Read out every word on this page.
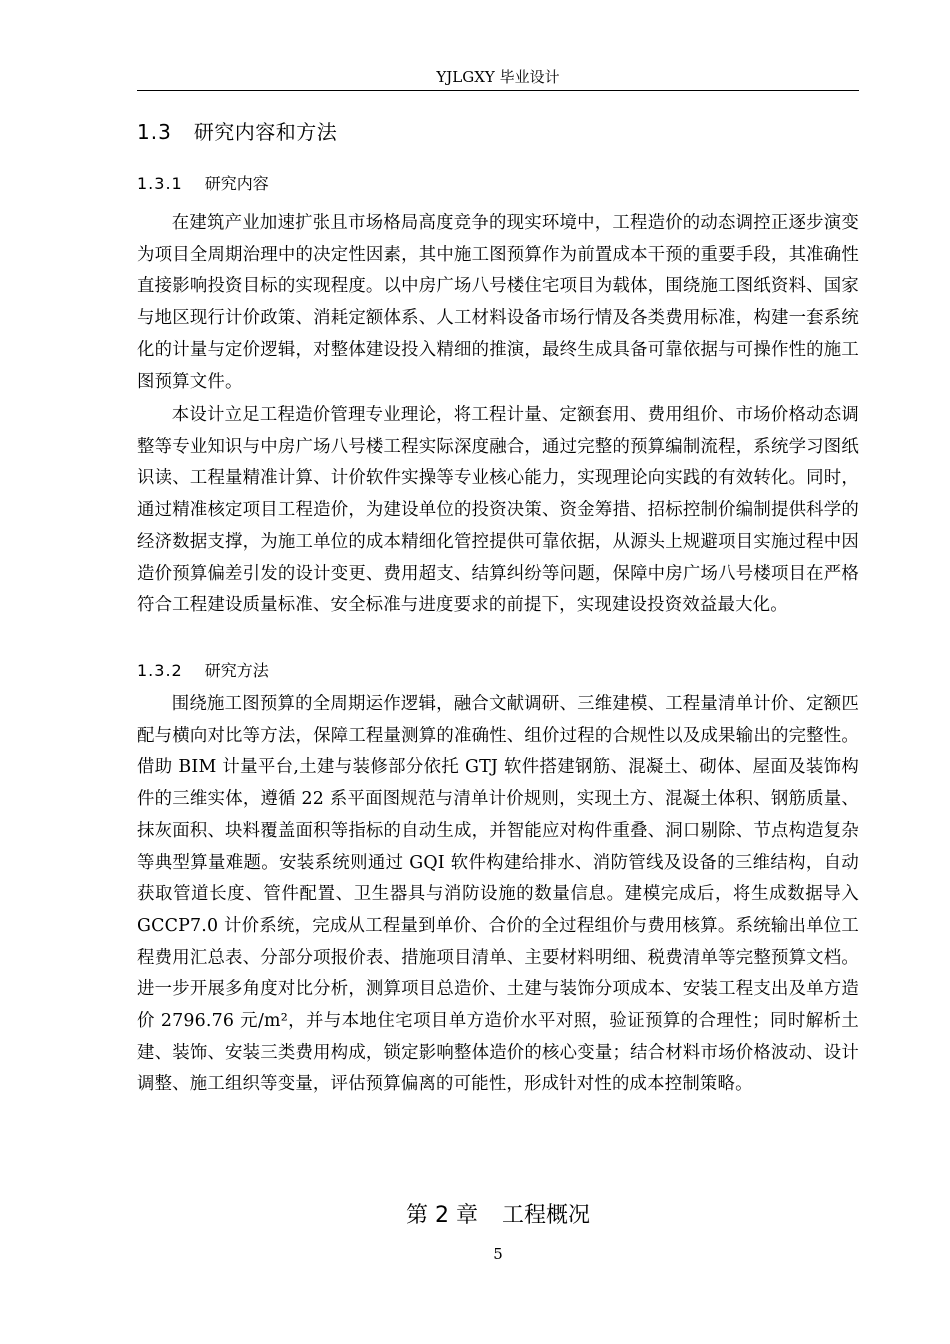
YJLGXY 毕业设计
1.3 研究内容和方法
1.3.1 研究内容

在建筑产业加速扩张且市场格局高度竞争的现实环境中，工程造价的动态调控正逐步演变为项目全周期治理中的决定性因素，其中施工图预算作为前置成本干预的重要手段，其准确性直接影响投资目标的实现程度。以中房广场八号楼住宅项目为载体，围绕施工图纸资料、国家与地区现行计价政策、消耗定额体系、人工材料设备市场行情及各类费用标准，构建一套系统化的计量与定价逻辑，对整体建设投入精细的推演，最终生成具备可靠依据与可操作性的施工图预算文件。

本设计立足工程造价管理专业理论，将工程计量、定额套用、费用组价、市场价格动态调整等专业知识与中房广场八号楼工程实际深度融合，通过完整的预算编制流程，系统学习图纸识读、工程量精准计算、计价软件实操等专业核心能力，实现理论向实践的有效转化。同时，通过精准核定项目工程造价，为建设单位的投资决策、资金筹措、招标控制价编制提供科学的经济数据支撑，为施工单位的成本精细化管控提供可靠依据，从源头上规避项目实施过程中因造价预算偏差引发的设计变更、费用超支、结算纠纷等问题，保障中房广场八号楼项目在严格符合工程建设质量标准、安全标准与进度要求的前提下，实现建设投资效益最大化。

1.3.2 研究方法

围绕施工图预算的全周期运作逻辑，融合文献调研、三维建模、工程量清单计价、定额匹配与横向对比等方法，保障工程量测算的准确性、组价过程的合规性以及成果输出的完整性。借助 BIM 计量平台,土建与装修部分依托 GTJ 软件搭建钢筋、混凝土、砌体、屋面及装饰构件的三维实体，遵循 22 系平面图规范与清单计价规则，实现土方、混凝土体积、钢筋质量、抹灰面积、块料覆盖面积等指标的自动生成，并智能应对构件重叠、洞口剔除、节点构造复杂等典型算量难题。安装系统则通过 GQI 软件构建给排水、消防管线及设备的三维结构，自动获取管道长度、管件配置、卫生器具与消防设施的数量信息。建模完成后，将生成数据导入 GCCP7.0 计价系统，完成从工程量到单价、合价的全过程组价与费用核算。系统输出单位工程费用汇总表、分部分项报价表、措施项目清单、主要材料明细、税费清单等完整预算文档。进一步开展多角度对比分析，测算项目总造价、土建与装饰分项成本、安装工程支出及单方造价 2796.76 元/m²，并与本地住宅项目单方造价水平对照，验证预算的合理性；同时解析土建、装饰、安装三类费用构成，锁定影响整体造价的核心变量；结合材料市场价格波动、设计调整、施工组织等变量，评估预算偏离的可能性，形成针对性的成本控制策略。

第 2 章 工程概况
5
